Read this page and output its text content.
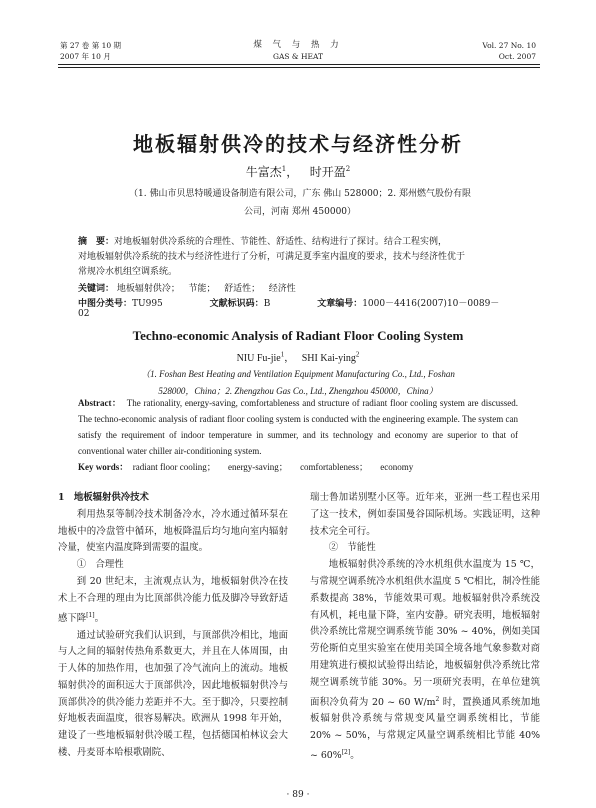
第 27 卷 第 10 期
2007 年 10 月
煤 气 与 热 力
GAS & HEAT
Vol. 27 No. 10
Oct. 2007
地板辐射供冷的技术与经济性分析
牛富杰$^1$， 时开盈$^2$
（1. 佛山市贝思特暖通设备制造有限公司，广东 佛山 528000；2. 郑州燃气股份有限
公司，河南 郑州 450000）
摘　要：对地板辐射供冷系统的合理性、节能性、舒适性、结构进行了探讨。结合工程实例，
对地板辐射供冷系统的技术与经济性进行了分析，可满足夏季室内温度的要求，技术与经济性优于
常规冷水机组空调系统。
关键词： 地板辐射供冷； 节能； 舒适性； 经济性
中图分类号：TU995	文献标识码：B	文章编号：1000－4416(2007)10－0089－02
Techno-economic Analysis of Radiant Floor Cooling System
NIU Fu-jie$^1$， SHI Kai-ying$^2$
（1. Foshan Best Heating and Ventilation Equipment Manufacturing Co., Ltd., Foshan
528000，China；2. Zhengzhou Gas Co., Ltd., Zhengzhou 450000，China）
Abstract： The rationality, energy-saving, comfortableness and structure of radiant floor cooling system are discussed. The techno-economic analysis of radiant floor cooling system is conducted with the engineering example. The system can satisfy the requirement of indoor temperature in summer, and its technology and economy are superior to that of conventional water chiller air-conditioning system.
Key words： radiant floor cooling； energy-saving； comfortableness； economy

1　地板辐射供冷技术

利用热泵等制冷技术制备冷水，冷水通过循环泵在地板中的冷盘管中循环，地板降温后均匀地向室内辐射冷量，使室内温度降到需要的温度。

①　合理性

到 20 世纪末，主流观点认为，地板辐射供冷在技术上不合理的理由为比顶部供冷能力低及脚冷导致舒适感下降[1]。

通过试验研究我们认识到，与顶部供冷相比，地面与人之间的辐射传热角系数更大，并且在人体周围，由于人体的加热作用，也加强了冷气流向上的流动。地板辐射供冷的面积远大于顶部供冷，因此地板辐射供冷与顶部供冷的供冷能力差距并不大。至于脚冷，只要控制好地板表面温度，很容易解决。欧洲从 1998 年开始，建设了一些地板辐射供冷暖工程，包括德国柏林议会大楼、丹麦哥本哈根歌剧院、

瑞士鲁加诺别墅小区等。近年来，亚洲一些工程也采用了这一技术，例如泰国曼谷国际机场。实践证明，这种技术完全可行。

②　节能性

地板辐射供冷系统的冷水机组供水温度为 15 ℃，与常规空调系统冷水机组供水温度 5 ℃相比，制冷性能系数提高 38%，节能效果可观。地板辐射供冷系统没有风机，耗电量下降，室内安静。研究表明，地板辐射供冷系统比常规空调系统节能 30% ~ 40%，例如美国劳伦斯伯克里实验室在使用美国全境各地气象参数对商用建筑进行模拟试验得出结论，地板辐射供冷系统比常规空调系统节能 30%。另一项研究表明，在单位建筑面积冷负荷为 20 ~ 60 $W/m^2$ 时，置换通风系统加地板辐射供冷系统与常规变风量空调系统相比，节能 20% ~ 50%，与常规定风量空调系统相比节能 40% ~ 60%[2]。

· 89 ·
